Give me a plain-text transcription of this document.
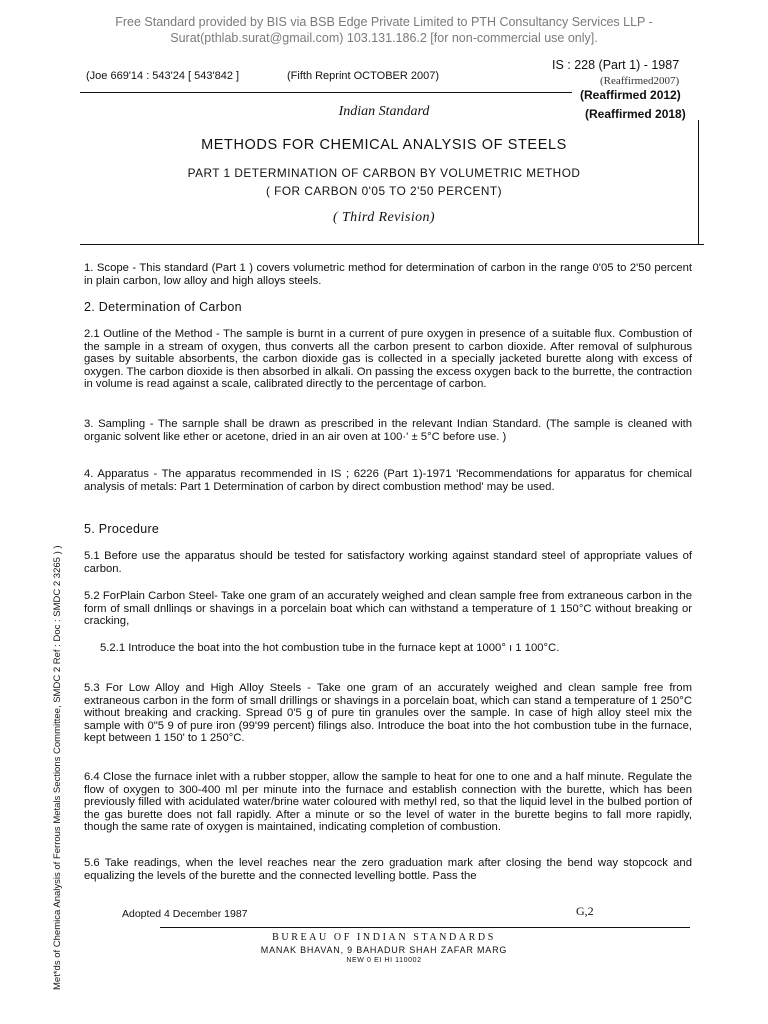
Free Standard provided by BIS via BSB Edge Private Limited to PTH Consultancy Services LLP -
Surat(pthlab.surat@gmail.com) 103.131.186.2 [for non-commercial use only].
(Joe 669'14 : 543'24 [ 543'842 ]	(Fifth Reprint OCTOBER 2007)
IS : 228 (Part 1) - 1987
(Reaffirmed2007)
(Reaffirmed 2012)
(Reaffirmed 2018)
Indian Standard
METHODS FOR CHEMICAL ANALYSIS OF STEELS
PART 1 DETERMINATION OF CARBON BY VOLUMETRIC METHOD
( FOR CARBON 0'05 TO 2'50 PERCENT)
( Third Revision)
Met*ds of Chemica Analysis of Ferrous Metals Sections Committee, SMDC 2 Ref : Doc : SMDC 2 3265 ) )
1. Scope - This standard (Part 1 ) covers volumetric method for determination of carbon in the range 0'05 to 2'50 percent in plain carbon, low alloy and high alloys steels.
2. Determination of Carbon
2.1 Outline of the Method - The sample is burnt in a current of pure oxygen in presence of a suitable flux. Combustion of the sample in a stream of oxygen, thus converts all the carbon present to carbon dioxide. After removal of sulphurous gases by suitable absorbents, the carbon dioxide gas is collected in a specially jacketed burette along with excess of oxygen. The carbon dioxide is then absorbed in alkali. On passing the excess oxygen back to the burrette, the contraction in volume is read against a scale, calibrated directly to the percentage of carbon.
3. Sampling - The sarnple shall be drawn as prescribed in the relevant Indian Standard. (The sample is cleaned with organic solvent like ether or acetone, dried in an air oven at 100·' ± 5°C before use. )
4. Apparatus - The apparatus recommended in IS ; 6226 (Part 1)-1971 'Recommendations for apparatus for chemical analysis of metals: Part 1 Determination of carbon by direct combustion method' may be used.
5. Procedure
5.1 Before use the apparatus should be tested for satisfactory working against standard steel of appropriate values of carbon.
5.2 ForPlain Carbon Steel- Take one gram of an accurately weighed and clean sample free from extraneous carbon in the form of small dnllinqs or shavings in a porcelain boat which can withstand a temperature of 1 150°C without breaking or cracking,
5.2.1 Introduce the boat into the hot combustion tube in the furnace kept at 1000° ı 1 100°C.
5.3 For Low Alloy and High Alloy Steels - Take one gram of an accurately weighed and clean sample free from extraneous carbon in the form of small drillings or shavings in a porcelain boat, which can stand a temperature of 1 250°C without breaking and cracking. Spread 0'5 g of pure tin granules over the sample. In case of high alloy steel mix the sample with 0"5 9 of pure iron (99'99 percent) filings also. Introduce the boat into the hot combustion tube in the furnace, kept between 1 150' to 1 250°C.
6.4 Close the furnace inlet with a rubber stopper, allow the sample to heat for one to one and a half minute. Regulate the flow of oxygen to 300-400 ml per minute into the furnace and establish connection with the burette, which has been previously filled with acidulated water/brine water coloured with methyl red, so that the liquid level in the bulbed portion of the gas burette does not fall rapidly. After a minute or so the level of water in the burette begins to fall more rapidly, though the same rate of oxygen is maintained, indicating completion of combustion.
5.6 Take readings, when the level reaches near the zero graduation mark after closing the bend way stopcock and equalizing the levels of the burette and the connected levelling bottle. Pass the
Adopted 4 December 1987	G,2
BUREAU OF INDIAN STANDARDS
MANAK BHAVAN, 9 BAHADUR SHAH ZAFAR MARG
NEW 0 EI HI 110002
